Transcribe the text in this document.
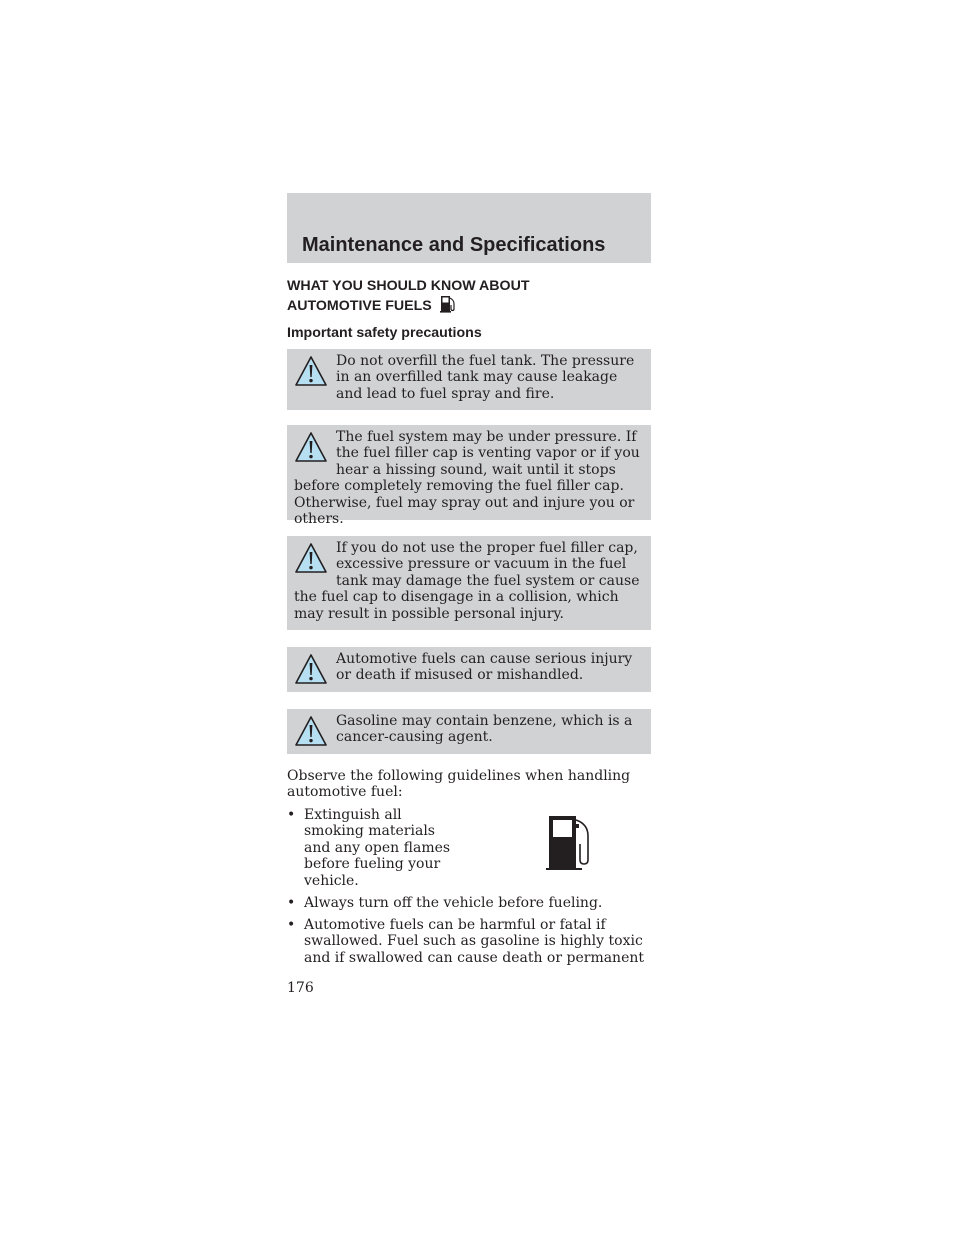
Maintenance and Specifications
WHAT YOU SHOULD KNOW ABOUT
AUTOMOTIVE FUELS
Important safety precautions

Do not overfill the fuel tank. The pressure in an overfilled tank may cause leakage and lead to fuel spray and fire.

The fuel system may be under pressure. If the fuel filler cap is venting vapor or if you hear a hissing sound, wait until it stops before completely removing the fuel filler cap. Otherwise, fuel may spray out and injure you or others.

If you do not use the proper fuel filler cap, excessive pressure or vacuum in the fuel tank may damage the fuel system or cause the fuel cap to disengage in a collision, which may result in possible personal injury.

Automotive fuels can cause serious injury or death if misused or mishandled.

Gasoline may contain benzene, which is a cancer-causing agent.

Observe the following guidelines when handling automotive fuel:

• Extinguish all smoking materials and any open flames before fueling your vehicle.
• Always turn off the vehicle before fueling.
• Automotive fuels can be harmful or fatal if swallowed. Fuel such as gasoline is highly toxic and if swallowed can cause death or permanent

176
